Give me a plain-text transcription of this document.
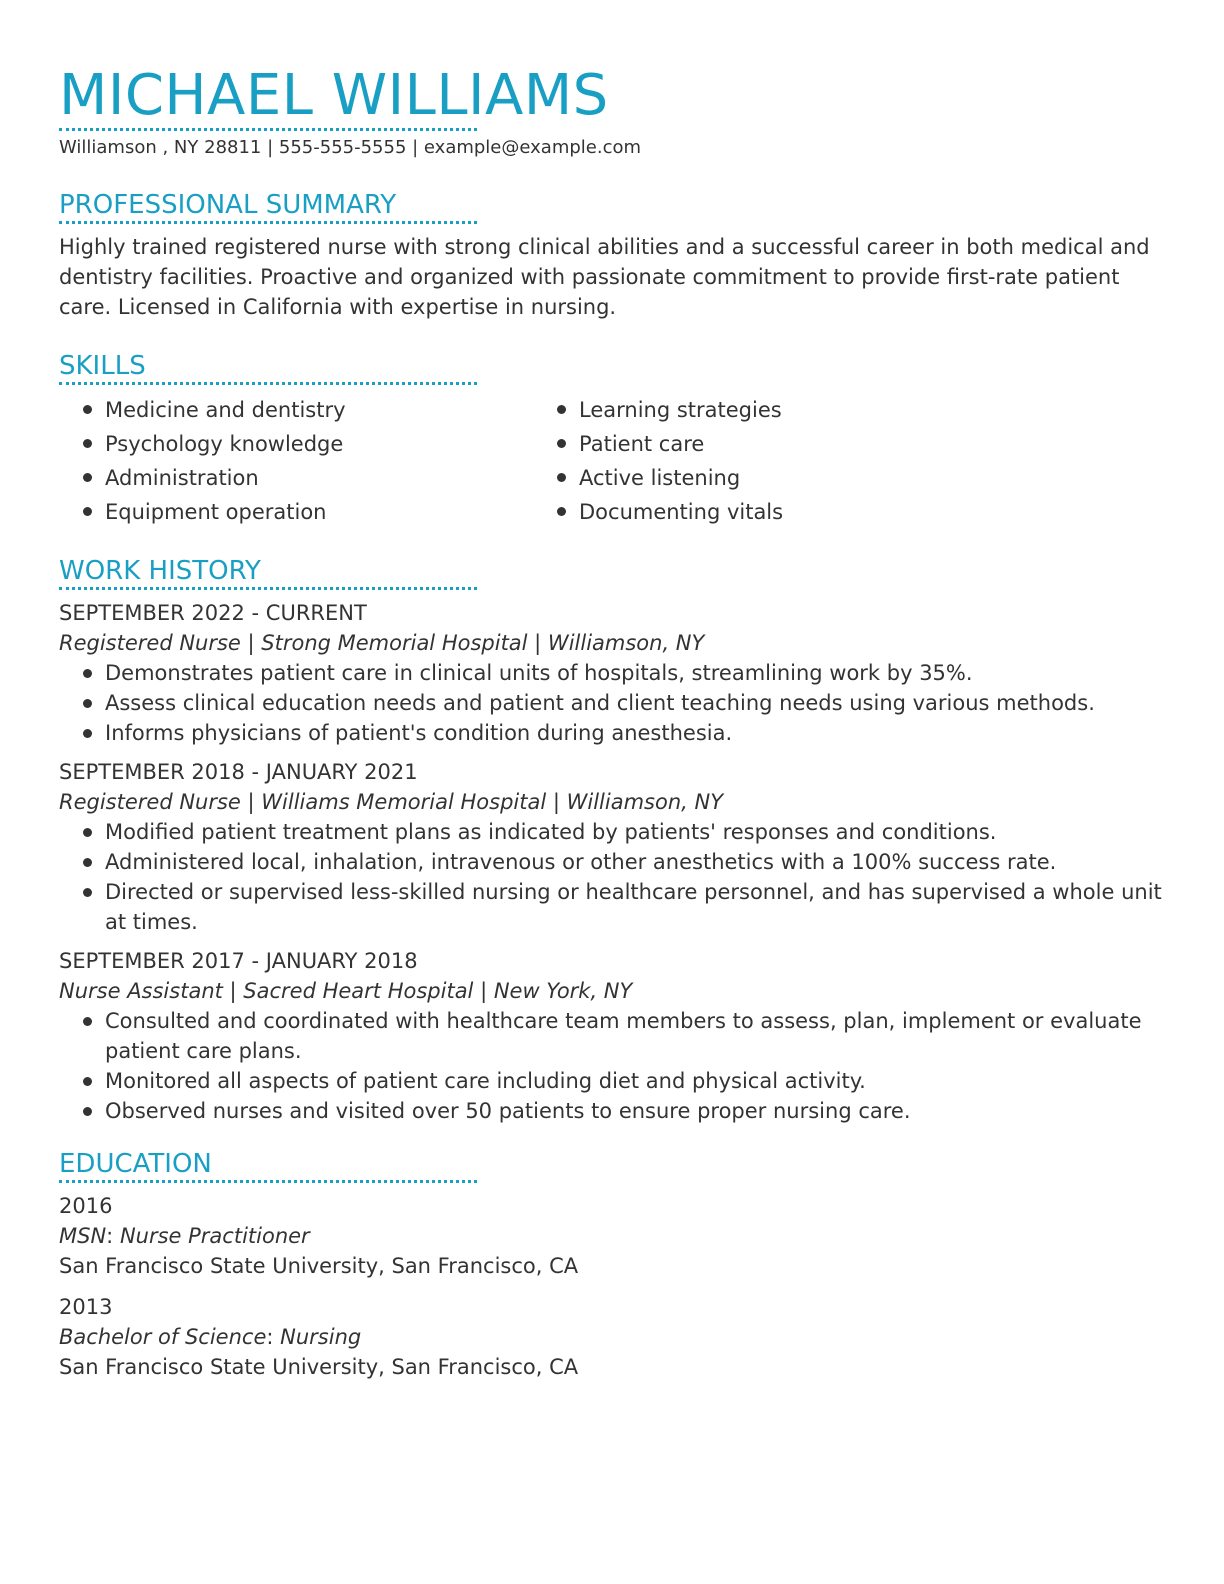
MICHAEL WILLIAMS
Williamson , NY 28811 | 555-555-5555 | example@example.com
PROFESSIONAL SUMMARY

Highly trained registered nurse with strong clinical abilities and a successful career in both medical and dentistry facilities. Proactive and organized with passionate commitment to provide first-rate patient care. Licensed in California with expertise in nursing.

SKILLS
Medicine and dentistry
Psychology knowledge
Administration
Equipment operation
Learning strategies
Patient care
Active listening
Documenting vitals
WORK HISTORY
SEPTEMBER 2022 - CURRENT
Registered Nurse | Strong Memorial Hospital | Williamson, NY
Demonstrates patient care in clinical units of hospitals, streamlining work by 35%.
Assess clinical education needs and patient and client teaching needs using various methods.
Informs physicians of patient's condition during anesthesia.
SEPTEMBER 2018 - JANUARY 2021
Registered Nurse | Williams Memorial Hospital | Williamson, NY
Modified patient treatment plans as indicated by patients' responses and conditions.
Administered local, inhalation, intravenous or other anesthetics with a 100% success rate.
Directed or supervised less-skilled nursing or healthcare personnel, and has supervised a whole unit at times.
SEPTEMBER 2017 - JANUARY 2018
Nurse Assistant | Sacred Heart Hospital | New York, NY
Consulted and coordinated with healthcare team members to assess, plan, implement or evaluate patient care plans.
Monitored all aspects of patient care including diet and physical activity.
Observed nurses and visited over 50 patients to ensure proper nursing care.
EDUCATION
2016
MSN: Nurse Practitioner
San Francisco State University, San Francisco, CA
2013
Bachelor of Science: Nursing
San Francisco State University, San Francisco, CA
